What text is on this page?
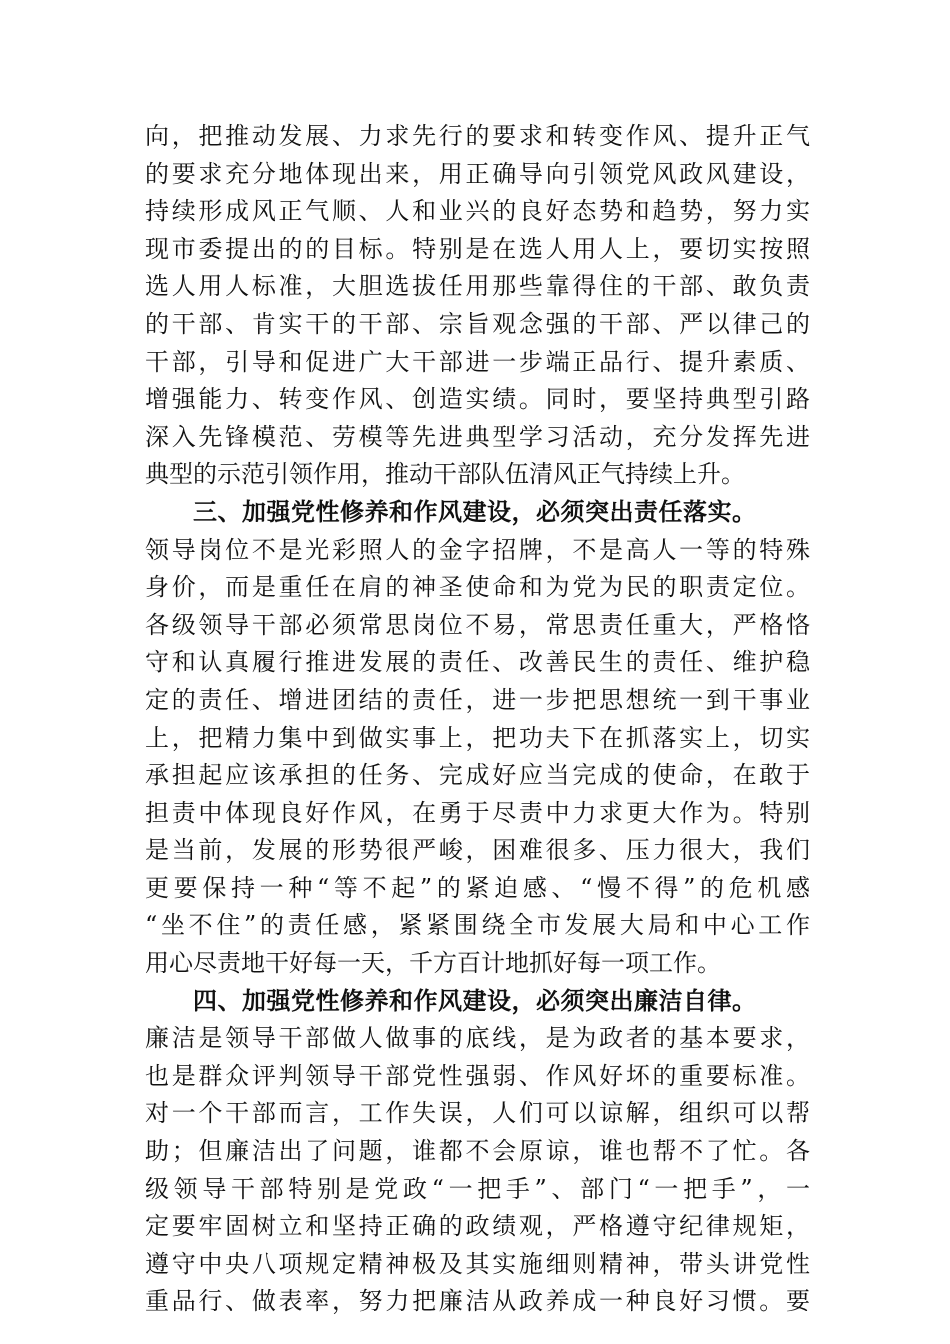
向，把推动发展、力求先行的要求和转变作风、提升正气
的要求充分地体现出来，用正确导向引领党风政风建设，
持续形成风正气顺、人和业兴的良好态势和趋势，努力实
现市委提出的的目标。特别是在选人用人上，要切实按照
选人用人标准，大胆选拔任用那些靠得住的干部、敢负责
的干部、肯实干的干部、宗旨观念强的干部、严以律己的
干部，引导和促进广大干部进一步端正品行、提升素质、
增强能力、转变作风、创造实绩。同时，要坚持典型引路
深入先锋模范、劳模等先进典型学习活动，充分发挥先进
典型的示范引领作用，推动干部队伍清风正气持续上升。
三、加强党性修养和作风建设，必须突出责任落实。
领导岗位不是光彩照人的金字招牌，不是高人一等的特殊
身价，而是重任在肩的神圣使命和为党为民的职责定位。
各级领导干部必须常思岗位不易，常思责任重大，严格恪
守和认真履行推进发展的责任、改善民生的责任、维护稳
定的责任、增进团结的责任，进一步把思想统一到干事业
上，把精力集中到做实事上，把功夫下在抓落实上，切实
承担起应该承担的任务、完成好应当完成的使命，在敢于
担责中体现良好作风，在勇于尽责中力求更大作为。特别
是当前，发展的形势很严峻，困难很多、压力很大，我们
更要保持一种“等不起”的紧迫感、“慢不得”的危机感
“坐不住”的责任感，紧紧围绕全市发展大局和中心工作
用心尽责地干好每一天，千方百计地抓好每一项工作。
四、加强党性修养和作风建设，必须突出廉洁自律。
廉洁是领导干部做人做事的底线，是为政者的基本要求，
也是群众评判领导干部党性强弱、作风好坏的重要标准。
对一个干部而言，工作失误，人们可以谅解，组织可以帮
助；但廉洁出了问题，谁都不会原谅，谁也帮不了忙。各
级领导干部特别是党政“一把手”、部门“一把手”，一
定要牢固树立和坚持正确的政绩观，严格遵守纪律规矩，
遵守中央八项规定精神极及其实施细则精神，带头讲党性
重品行、做表率，努力把廉洁从政养成一种良好习惯。要
